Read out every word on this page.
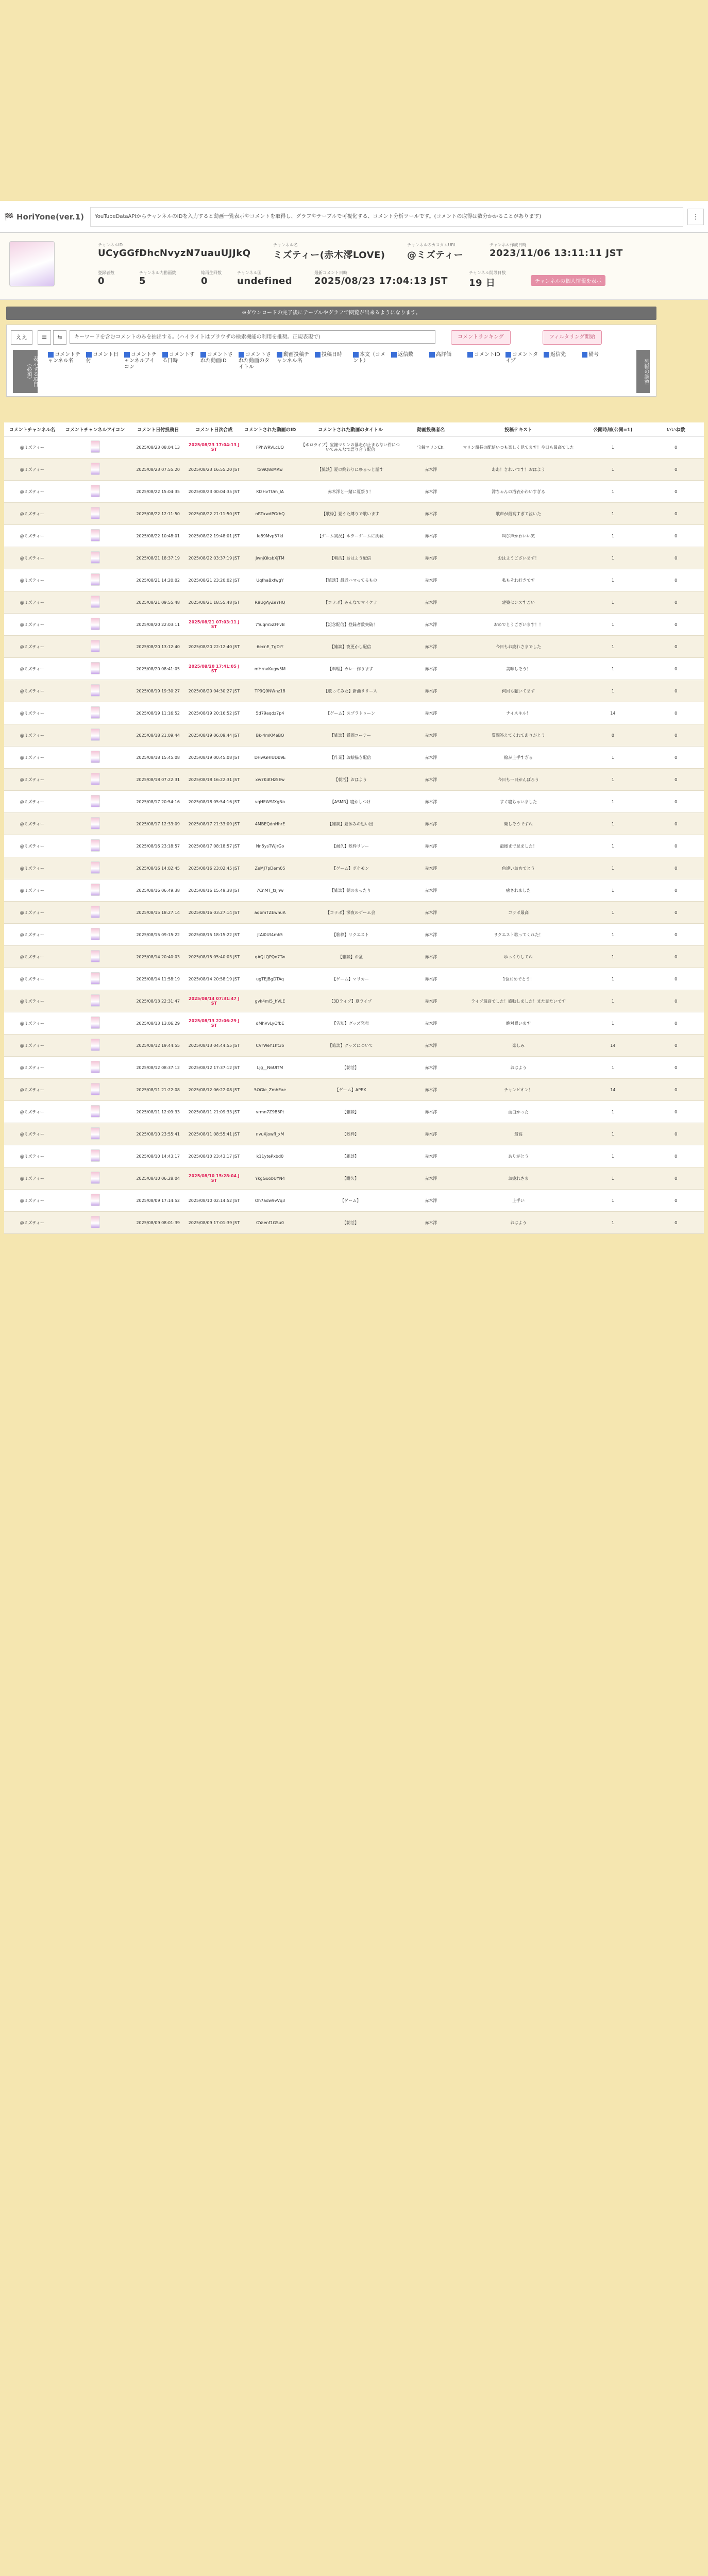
🏁 HoriYone(ver.1)	YouTubeDataAPIからチャンネルのIDを入力すると動画一覧表示やコメントを取得し、グラフやテーブルで可視化する、コメント分析ツールです。(コメントの取得は数分かかることがあります)	⋮
チャンネルID
UCyGGfDhcNvyzN7uauUJJkQ
チャンネル名
ミズティー(赤木澪LOVE)
チャンネルのカスタムURL
@ミズティー
チャンネル作成日時
2023/11/06 13:11:11 JST
登録者数
0
チャンネル内動画数
5
総再生回数
0
チャンネル国
undefined
最新コメント日時
2025/08/23 17:04:13 JST
チャンネル開設日数
19 日	チャンネルの個人情報を表示
※ダウンロードの完了後にテーブルやグラフで閲覧が出来るようになります。
ええ	☰	⇆	キーワードを含むコメントのみを抽出する。(ハイライトはブラウザの検索機能の利用を推奨。正規表現で)	コメントランキング	フィルタリング開始
表示する項目（必須）
コメントチャンネル名
コメント日付
コメントチャンネルアイコン
コメントする日時
コメントされた動画ID
コメントされた動画のタイトル
動画投稿チャンネル名
投稿日時	本文（コメント）
返信数	高評価	コメントID	コメントタイプ
返信先	備考
列幅の調整
コメントチャンネル名	コメントチャンネルアイコン	コメント日付投稿日	コメント日次合成	コメントされた動画のID	コメントされた動画のタイトル	動画投稿者名	投稿テキスト	公開時刻(公開=1)	いいね数
@ミズティー		2025/08/23 08:04:13	2025/08/23 17:04:13 JST	FPhWRVLcUQ	【ホロライブ】宝鐘マリンの暴走が止まらない件についてみんなで語り合う配信	宝鐘マリンCh.	マリン船長の配信いつも楽しく見てます！今日も最高でした	1	0
@ミズティー		2025/08/23 07:55:20	2025/08/23 16:55:20 JST	tx9iQ8sMAw	【雑談】夏の終わりにゆるっと話す	赤木澪	ああ！きれいです！おはよう	1	0
@ミズティー		2025/08/22 15:04:35	2025/08/23 00:04:35 JST	Kl2HvTUm_lA	赤木澪と一緒に夏祭り！	赤木澪	澪ちゃんの浴衣かわいすぎる	1	0
@ミズティー		2025/08/22 12:11:50	2025/08/22 21:11:50 JST	nRTxwdPGrhQ	【歌枠】夏うた縛りで歌います	赤木澪	歌声が最高すぎて泣いた	1	0
@ミズティー		2025/08/22 10:48:01	2025/08/22 19:48:01 JST	Ie89Mvp57ki	【ゲーム実況】ホラーゲームに挑戦	赤木澪	叫び声かわいい笑	1	0
@ミズティー		2025/08/21 18:37:19	2025/08/22 03:37:19 JST	JwnjQksbXjTM	【朝活】おはよう配信	赤木澪	おはようございます！	1	0
@ミズティー		2025/08/21 14:20:02	2025/08/21 23:20:02 JST	UqfhaBxfwgY	【雑談】最近ハマってるもの	赤木澪	私もそれ好きです	1	0
@ミズティー		2025/08/21 09:55:48	2025/08/21 18:55:48 JST	R9UgAyZeYHQ	【コラボ】みんなでマイクラ	赤木澪	建築センスすごい	1	0
@ミズティー		2025/08/20 22:03:11	2025/08/21 07:03:11 JST	7Yuqm5ZFFvB	【記念配信】登録者数突破！	赤木澪	おめでとうございます！！	1	0
@ミズティー		2025/08/20 13:12:40	2025/08/20 22:12:40 JST	6ecnE_TgDiY	【雑談】夜更かし配信	赤木澪	今日もお疲れさまでした	1	0
@ミズティー		2025/08/20 08:41:05	2025/08/20 17:41:05 JST	mHrnvKugw5M	【料理】カレー作ります	赤木澪	美味しそう！	1	0
@ミズティー		2025/08/19 19:30:27	2025/08/20 04:30:27 JST	TP9Q9NWnz18	【歌ってみた】新曲リリース	赤木澪	何回も聴いてます	1	0
@ミズティー		2025/08/19 11:16:52	2025/08/19 20:16:52 JST	5d79aqdz7p4	【ゲーム】スプラトゥーン	赤木澪	ナイスキル！	14	0
@ミズティー		2025/08/18 21:09:44	2025/08/19 06:09:44 JST	Bk-4mKMeBQ	【雑談】質問コーナー	赤木澪	質問答えてくれてありがとう	0	0
@ミズティー		2025/08/18 15:45:08	2025/08/19 00:45:08 JST	DHwGHIUDb9E	【作業】お絵描き配信	赤木澪	絵が上手すぎる	1	0
@ミズティー		2025/08/18 07:22:31	2025/08/18 16:22:31 JST	xw7KdtHz5Ew	【朝活】おはよう	赤木澪	今日も一日がんばろう	1	0
@ミズティー		2025/08/17 20:54:16	2025/08/18 05:54:16 JST	vqHEWSfXgNo	【ASMR】寝かしつけ	赤木澪	すぐ寝ちゃいました	1	0
@ミズティー		2025/08/17 12:33:09	2025/08/17 21:33:09 JST	4MBEQdnHhrE	【雑談】夏休みの思い出	赤木澪	楽しそうですね	1	0
@ミズティー		2025/08/16 23:18:57	2025/08/17 08:18:57 JST	Nn5ysTWJrGo	【耐久】歌枠リレー	赤木澪	最後まで見ました！	1	0
@ミズティー		2025/08/16 14:02:45	2025/08/16 23:02:45 JST	ZeMJ7pDem05	【ゲーム】ポケモン	赤木澪	色違いおめでとう	1	0
@ミズティー		2025/08/16 06:49:38	2025/08/16 15:49:38 JST	7CnMT_fzjhw	【雑談】朝のまったり	赤木澪	癒されました	1	0
@ミズティー		2025/08/15 18:27:14	2025/08/16 03:27:14 JST	aqbmTZEwhuA	【コラボ】深夜のゲーム会	赤木澪	コラボ最高	1	0
@ミズティー		2025/08/15 09:15:22	2025/08/15 18:15:22 JST	jtAi0Ut4mk5	【歌枠】リクエスト	赤木澪	リクエスト歌ってくれた！	1	0
@ミズティー		2025/08/14 20:40:03	2025/08/15 05:40:03 JST	qAQLQPQo7Tw	【雑談】お盆	赤木澪	ゆっくりしてね	1	0
@ミズティー		2025/08/14 11:58:19	2025/08/14 20:58:19 JST	ugTEJBgDTAq	【ゲーム】マリカー	赤木澪	1位おめでとう！	1	0
@ミズティー		2025/08/13 22:31:47	2025/08/14 07:31:47 JST	gvk4ml5_hVLE	【3Dライブ】夏ライブ	赤木澪	ライブ最高でした！感動しました！また見たいです	1	0
@ミズティー		2025/08/13 13:06:29	2025/08/13 22:06:29 JST	dMhVvLyOfbE	【告知】グッズ発売	赤木澪	絶対買います	1	0
@ミズティー		2025/08/12 19:44:55	2025/08/13 04:44:55 JST	CVrWeY1ht3o	【雑談】グッズについて	赤木澪	楽しみ	14	0
@ミズティー		2025/08/12 08:37:12	2025/08/12 17:37:12 JST	Ljg__N6UlTM	【朝活】	赤木澪	おはよう	1	0
@ミズティー		2025/08/11 21:22:08	2025/08/12 06:22:08 JST	5OGie_ZmhEae	【ゲーム】APEX	赤木澪	チャンピオン！	14	0
@ミズティー		2025/08/11 12:09:33	2025/08/11 21:09:33 JST	vrmn7Z9B5Pt	【雑談】	赤木澪	面白かった	1	0
@ミズティー		2025/08/10 23:55:41	2025/08/11 08:55:41 JST	nvuXjowfl_xM	【歌枠】	赤木澪	最高	1	0
@ミズティー		2025/08/10 14:43:17	2025/08/10 23:43:17 JST	k11ytePxbd0	【雑談】	赤木澪	ありがとう	1	0
@ミズティー		2025/08/10 06:28:04	2025/08/10 15:28:04 JST	YkgGuobUYN4	【耐久】	赤木澪	お疲れさま	1	0
@ミズティー		2025/08/09 17:14:52	2025/08/10 02:14:52 JST	Oh7adw9vVq3	【ゲーム】	赤木澪	上手い	1	0
@ミズティー		2025/08/09 08:01:39	2025/08/09 17:01:39 JST	OYaenf1GSu0	【朝活】	赤木澪	おはよう	1	0
